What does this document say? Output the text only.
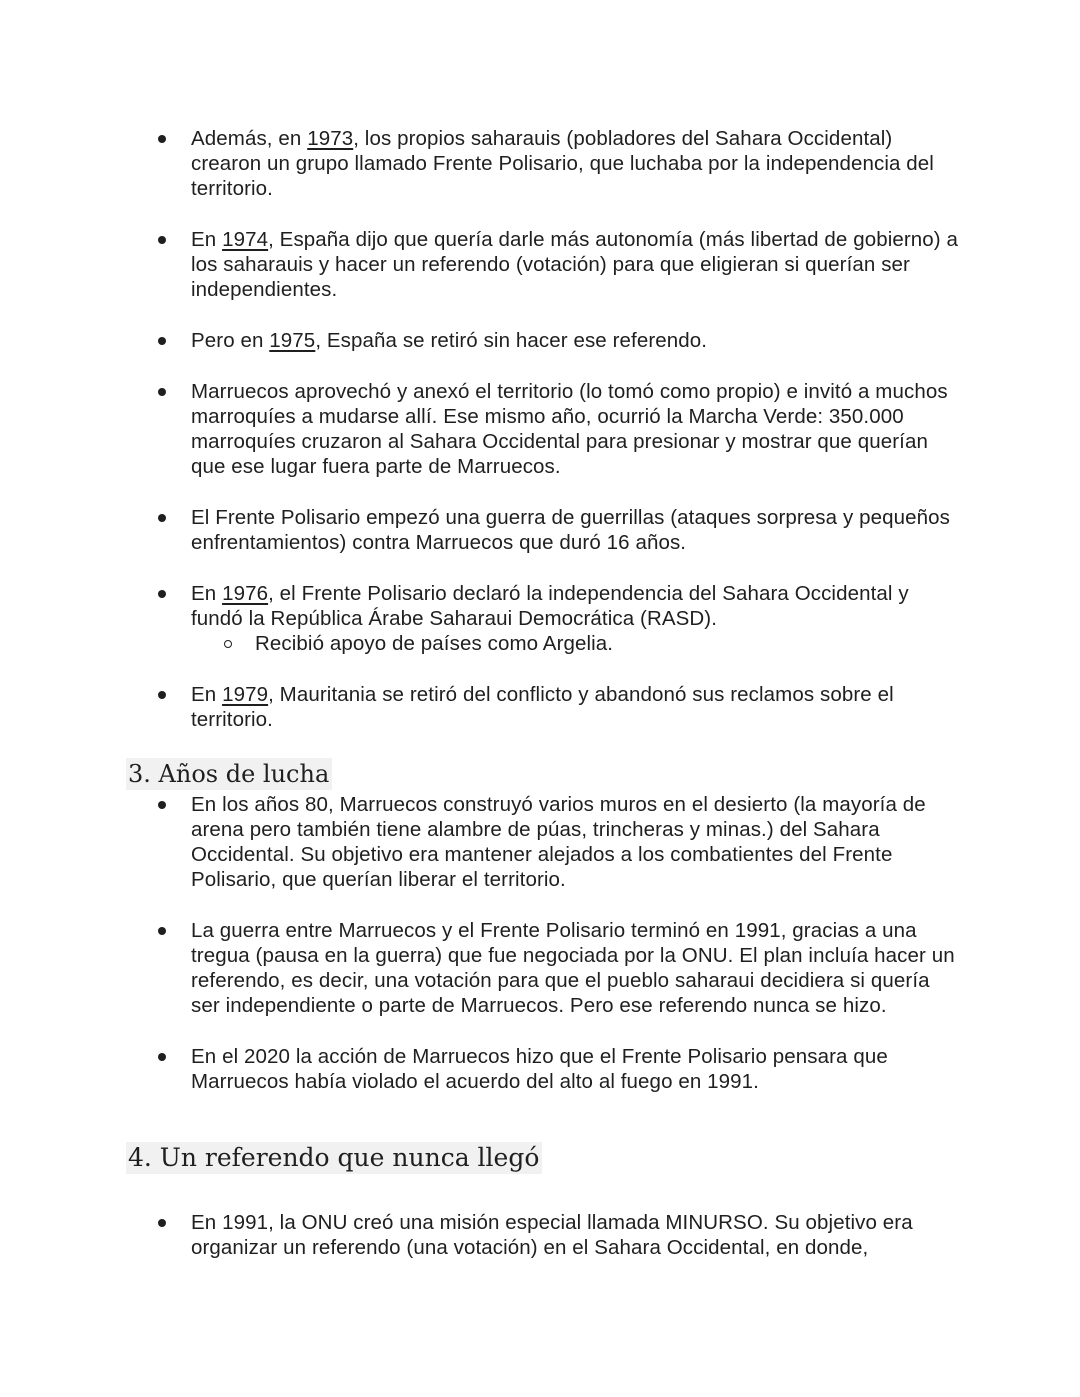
Además, en 1973, los propios saharauis (pobladores del Sahara Occidental) crearon un grupo llamado Frente Polisario, que luchaba por la independencia del territorio.
En 1974, España dijo que quería darle más autonomía (más libertad de gobierno) a los saharauis y hacer un referendo (votación) para que eligieran si querían ser independientes.
Pero en 1975, España se retiró sin hacer ese referendo.
Marruecos aprovechó y anexó el territorio (lo tomó como propio) e invitó a muchos marroquíes a mudarse allí. Ese mismo año, ocurrió la Marcha Verde: 350.000 marroquíes cruzaron al Sahara Occidental para presionar y mostrar que querían que ese lugar fuera parte de Marruecos.
El Frente Polisario empezó una guerra de guerrillas (ataques sorpresa y pequeños enfrentamientos) contra Marruecos que duró 16 años.
En 1976, el Frente Polisario declaró la independencia del Sahara Occidental y fundó la República Árabe Saharaui Democrática (RASD).
Recibió apoyo de países como Argelia.
En 1979, Mauritania se retiró del conflicto y abandonó sus reclamos sobre el territorio.
3. Años de lucha
En los años 80, Marruecos construyó varios muros en el desierto (la mayoría de arena pero también tiene alambre de púas, trincheras y minas.) del Sahara Occidental. Su objetivo era mantener alejados a los combatientes del Frente Polisario, que querían liberar el territorio.
La guerra entre Marruecos y el Frente Polisario terminó en 1991, gracias a una tregua (pausa en la guerra) que fue negociada por la ONU. El plan incluía hacer un referendo, es decir, una votación para que el pueblo saharaui decidiera si quería ser independiente o parte de Marruecos. Pero ese referendo nunca se hizo.
En el 2020 la acción de Marruecos hizo que el Frente Polisario pensara que Marruecos había violado el acuerdo del alto al fuego en 1991.
4. Un referendo que nunca llegó
En 1991, la ONU creó una misión especial llamada MINURSO. Su objetivo era organizar un referendo (una votación) en el Sahara Occidental, en donde,
